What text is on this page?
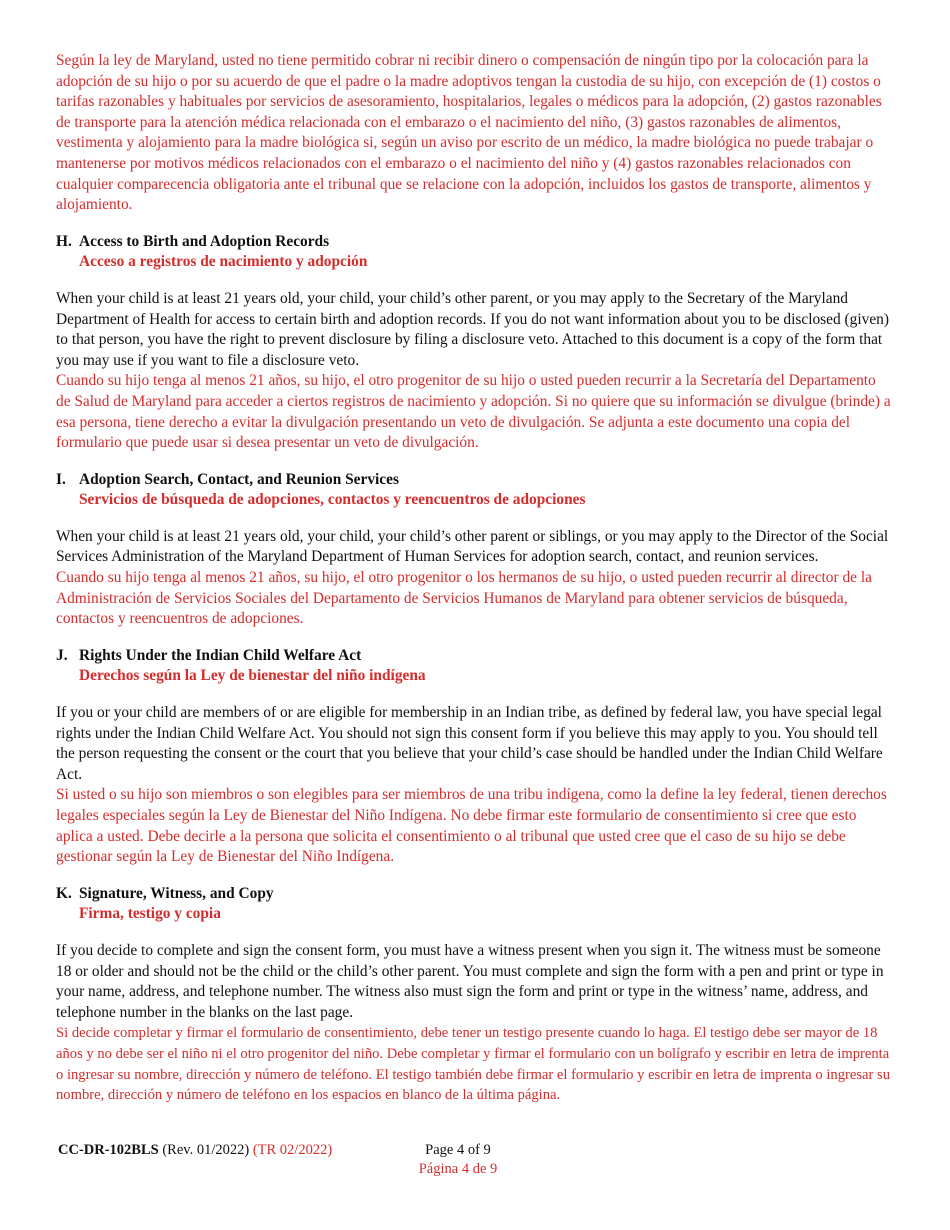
Según la ley de Maryland, usted no tiene permitido cobrar ni recibir dinero o compensación de ningún tipo por la colocación para la adopción de su hijo o por su acuerdo de que el padre o la madre adoptivos tengan la custodia de su hijo, con excepción de (1) costos o tarifas razonables y habituales por servicios de asesoramiento, hospitalarios, legales o médicos para la adopción, (2) gastos razonables de transporte para la atención médica relacionada con el embarazo o el nacimiento del niño, (3) gastos razonables de alimentos, vestimenta y alojamiento para la madre biológica si, según un aviso por escrito de un médico, la madre biológica no puede trabajar o mantenerse por motivos médicos relacionados con el embarazo o el nacimiento del niño y (4) gastos razonables relacionados con cualquier comparecencia obligatoria ante el tribunal que se relacione con la adopción, incluidos los gastos de transporte, alimentos y alojamiento.

H. Access to Birth and Adoption Records

Acceso a registros de nacimiento y adopción

When your child is at least 21 years old, your child, your child’s other parent, or you may apply to the Secretary of the Maryland Department of Health for access to certain birth and adoption records. If you do not want information about you to be disclosed (given) to that person, you have the right to prevent disclosure by filing a disclosure veto. Attached to this document is a copy of the form that you may use if you want to file a disclosure veto.

Cuando su hijo tenga al menos 21 años, su hijo, el otro progenitor de su hijo o usted pueden recurrir a la Secretaría del Departamento de Salud de Maryland para acceder a ciertos registros de nacimiento y adopción. Si no quiere que su información se divulgue (brinde) a esa persona, tiene derecho a evitar la divulgación presentando un veto de divulgación. Se adjunta a este documento una copia del formulario que puede usar si desea presentar un veto de divulgación.

I. Adoption Search, Contact, and Reunion Services

Servicios de búsqueda de adopciones, contactos y reencuentros de adopciones

When your child is at least 21 years old, your child, your child’s other parent or siblings, or you may apply to the Director of the Social Services Administration of the Maryland Department of Human Services for adoption search, contact, and reunion services.

Cuando su hijo tenga al menos 21 años, su hijo, el otro progenitor o los hermanos de su hijo, o usted pueden recurrir al director de la Administración de Servicios Sociales del Departamento de Servicios Humanos de Maryland para obtener servicios de búsqueda, contactos y reencuentros de adopciones.

J. Rights Under the Indian Child Welfare Act

Derechos según la Ley de bienestar del niño indígena

If you or your child are members of or are eligible for membership in an Indian tribe, as defined by federal law, you have special legal rights under the Indian Child Welfare Act. You should not sign this consent form if you believe this may apply to you. You should tell the person requesting the consent or the court that you believe that your child’s case should be handled under the Indian Child Welfare Act.

Si usted o su hijo son miembros o son elegibles para ser miembros de una tribu indígena, como la define la ley federal, tienen derechos legales especiales según la Ley de Bienestar del Niño Indígena. No debe firmar este formulario de consentimiento si cree que esto aplica a usted. Debe decirle a la persona que solicita el consentimiento o al tribunal que usted cree que el caso de su hijo se debe gestionar según la Ley de Bienestar del Niño Indígena.

K. Signature, Witness, and Copy

Firma, testigo y copia

If you decide to complete and sign the consent form, you must have a witness present when you sign it. The witness must be someone 18 or older and should not be the child or the child’s other parent. You must complete and sign the form with a pen and print or type in your name, address, and telephone number. The witness also must sign the form and print or type in the witness’ name, address, and telephone number in the blanks on the last page.

Si decide completar y firmar el formulario de consentimiento, debe tener un testigo presente cuando lo haga. El testigo debe ser mayor de 18 años y no debe ser el niño ni el otro progenitor del niño. Debe completar y firmar el formulario con un bolígrafo y escribir en letra de imprenta o ingresar su nombre, dirección y número de teléfono. El testigo también debe firmar el formulario y escribir en letra de imprenta o ingresar su nombre, dirección y número de teléfono en los espacios en blanco de la última página.

CC-DR-102BLS (Rev. 01/2022) (TR 02/2022)	Page 4 of 9
Página 4 de 9
